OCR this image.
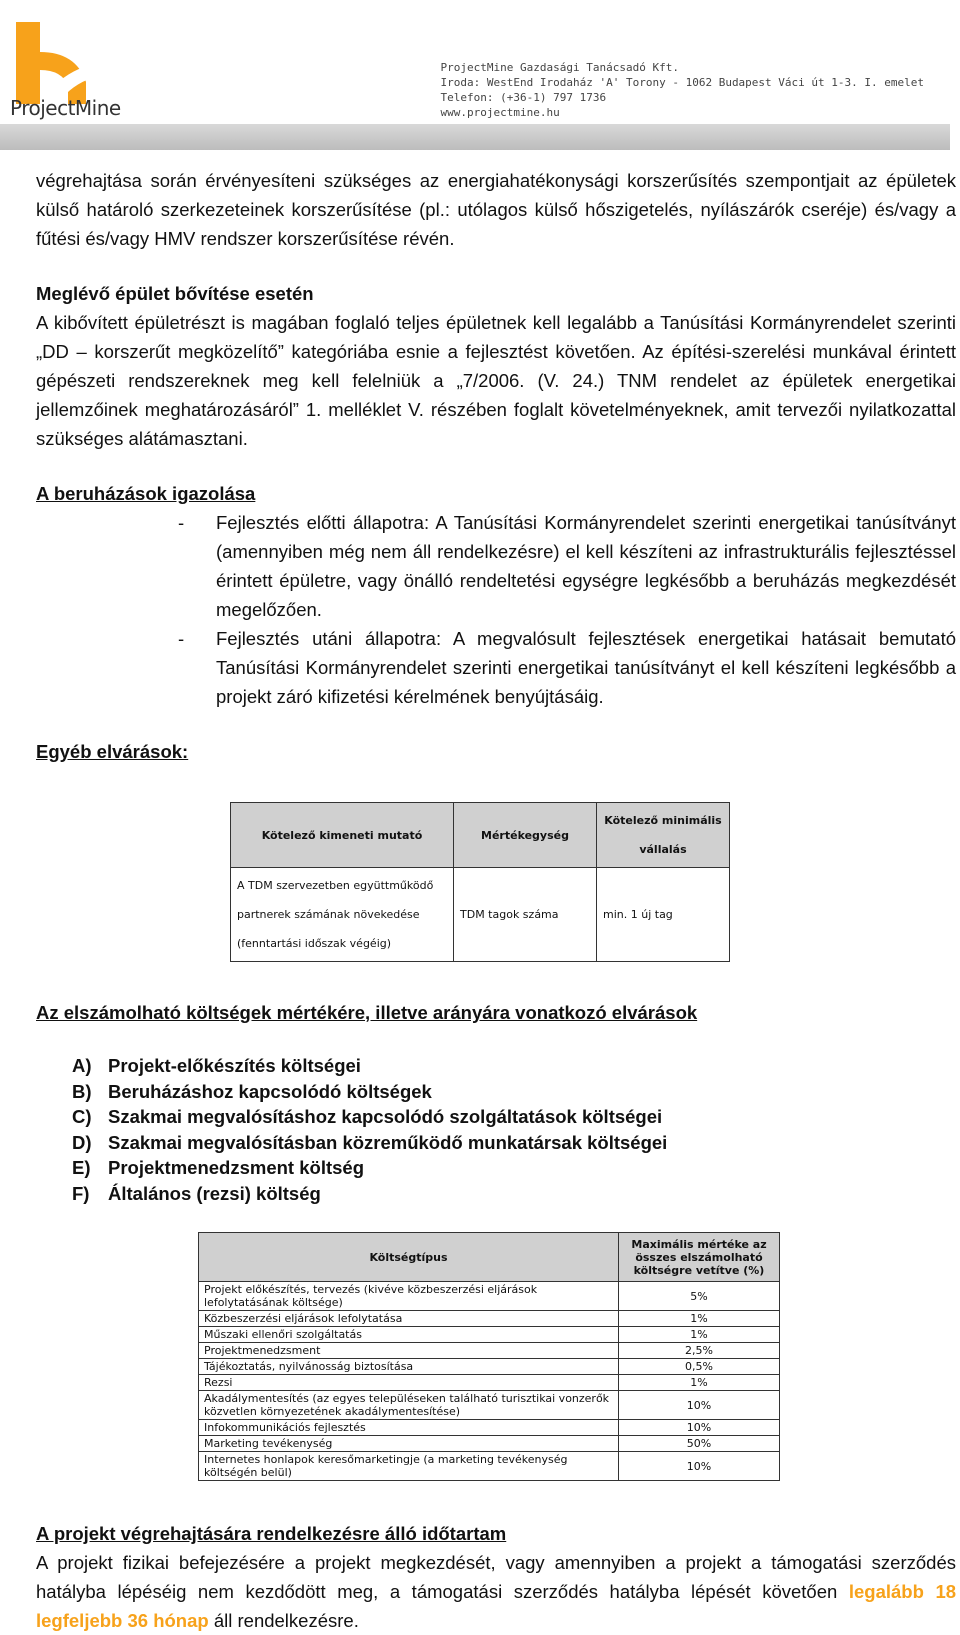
ProjectMine
ProjectMine Gazdasági Tanácsadó Kft.
Iroda: WestEnd Irodaház 'A' Torony - 1062 Budapest Váci út 1-3. I. emelet
Telefon: (+36-1) 797 1736
www.projectmine.hu

végrehajtása során érvényesíteni szükséges az energiahatékonysági korszerűsítés szempontjait az épületek külső határoló szerkezeteinek korszerűsítése (pl.: utólagos külső hőszigetelés, nyílászárók cseréje) és/vagy a fűtési és/vagy HMV rendszer korszerűsítése révén.

Meglévő épület bővítése esetén

A kibővített épületrészt is magában foglaló teljes épületnek kell legalább a Tanúsítási Kormányrendelet szerinti „DD – korszerűt megközelítő” kategóriába esnie a fejlesztést követően. Az építési-szerelési munkával érintett gépészeti rendszereknek meg kell felelniük a „7/2006. (V. 24.) TNM rendelet az épületek energetikai jellemzőinek meghatározásáról” 1. melléklet V. részében foglalt követelményeknek, amit tervezői nyilatkozattal szükséges alátámasztani.

A beruházások igazolása

- Fejlesztés előtti állapotra: A Tanúsítási Kormányrendelet szerinti energetikai tanúsítványt (amennyiben még nem áll rendelkezésre) el kell készíteni az infrastrukturális fejlesztéssel érintett épületre, vagy önálló rendeltetési egységre legkésőbb a beruházás megkezdését megelőzően.
- Fejlesztés utáni állapotra: A megvalósult fejlesztések energetikai hatásait bemutató Tanúsítási Kormányrendelet szerinti energetikai tanúsítványt el kell készíteni legkésőbb a projekt záró kifizetési kérelmének benyújtásáig.

Egyéb elvárások:

Kötelező kimeneti mutató	Mértékegység	Kötelező minimális vállalás
A TDM szervezetben együttműködő partnerek számának növekedése (fenntartási időszak végéig)	TDM tagok száma	min. 1 új tag

Az elszámolható költségek mértékére, illetve arányára vonatkozó elvárások

A) Projekt-előkészítés költségei
B) Beruházáshoz kapcsolódó költségek
C) Szakmai megvalósításhoz kapcsolódó szolgáltatások költségei
D) Szakmai megvalósításban közreműködő munkatársak költségei
E) Projektmenedzsment költség
F) Általános (rezsi) költség
Költségtípus	Maximális mértéke az összes elszámolható költségre vetítve (%)
Projekt előkészítés, tervezés (kivéve közbeszerzési eljárások lefolytatásának költsége)	5%
Közbeszerzési eljárások lefolytatása	1%
Műszaki ellenőri szolgáltatás	1%
Projektmenedzsment	2,5%
Tájékoztatás, nyilvánosság biztosítása	0,5%
Rezsi	1%
Akadálymentesítés (az egyes településeken található turisztikai vonzerők közvetlen környezetének akadálymentesítése)	10%
Infokommunikációs fejlesztés	10%
Marketing tevékenység	50%
Internetes honlapok keresőmarketingje (a marketing tevékenység költségén belül)	10%

A projekt végrehajtására rendelkezésre álló időtartam

A projekt fizikai befejezésére a projekt megkezdését, vagy amennyiben a projekt a támogatási szerződés hatályba lépéséig nem kezdődött meg, a támogatási szerződés hatályba lépését követően legalább 18 legfeljebb 36 hónap áll rendelkezésre.
